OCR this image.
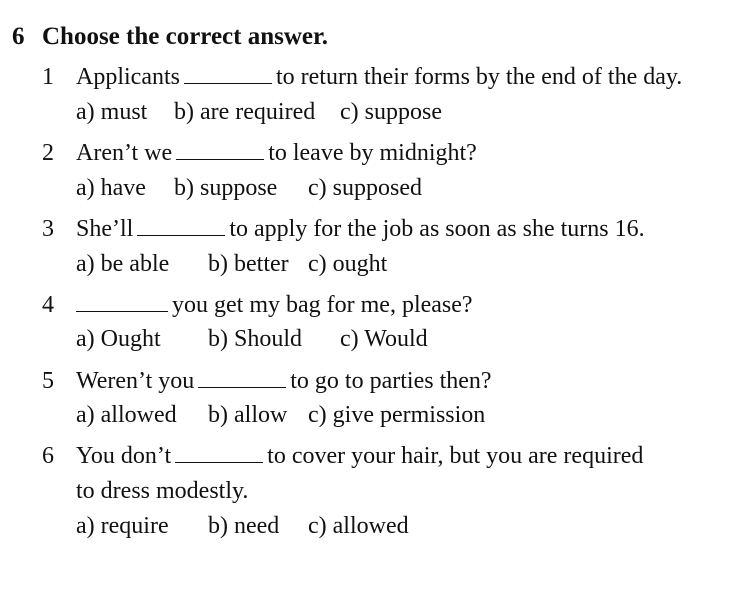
6 Choose the correct answer.
1 Applicants	to return their forms by the end of the day.
a) must b) are required c) suppose
2 Aren’t we	to leave by midnight?
a) have b) suppose c) supposed
3 She’ll	to apply for the job as soon as she turns 16.
a) be able b) better c) ought
4	you get my bag for me, please?
a) Ought b) Should c) Would
5 Weren’t you	to go to parties then?
a) allowed b) allow c) give permission
6 You don’t	to cover your hair, but you are required
to dress modestly.
a) require b) need c) allowed
